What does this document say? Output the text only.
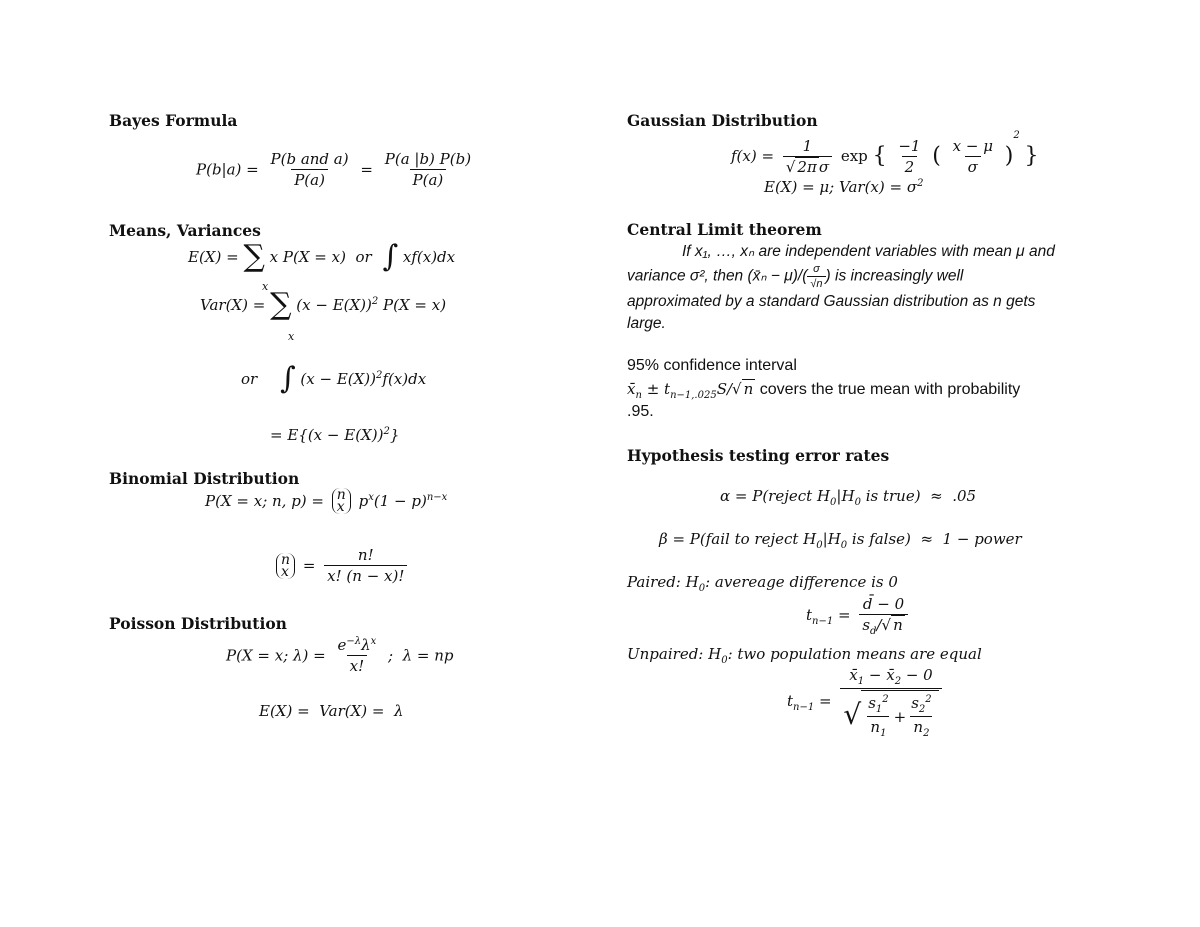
Bayes Formula
$P(b|a) = \frac{\text{P(b and a)}}{P(a)} = \frac{P(a |b) P(b)}{P(a)}$
Means, Variances
E(X) = ∑ x P(X = x)  or ∫ xf(x)dx
x
Var(X) = ∑ $(x - E(X))^2$ P(X = x)
x
or ∫ $(x - E(X))^2f(x)dx$
= $E\{(x - E(X))^2\}$
Binomial Distribution
P(X = x; n, p) = n
x $p^x(1 - p)^{n-x}$
n
$x = \frac{n!}{x! (n - x)!}$
Poisson Distribution
P(X = x; $\lambda) = \frac{e^{-\lambda}\lambda^x}{x!}$ ;  λ = np
E(X) =  Var(X) =  λ
Gaussian Distribution
$f(x) = \frac{1}{\text{√ 2π σ}}$ exp { $\frac{-1}{2}$ ( $\frac{x - \mu}{\sigma} )^2$ }
E(X) = μ; $Var(x) = \sigma^2$
Central Limit theorem
If x₁, …, xₙ are independent variables with mean μ and
variance σ², then (x̄ₙ − $\mu)/( \frac{\sigma}{√n}$ ) is increasingly well
approximated by a standard Gaussian distribution as n gets
large.
95% confidence interval
$x̄_n \pm t_{n-1,.025}S/√$ n covers the true mean with probability
.95.
Hypothesis testing error rates
α = P(reject $H_0|H_0$ is true)  ≈  .05
β = P(fail to reject $H_0|H_0$ is false)  ≈  1 − power
Paired: $H_0$: avereage difference is 0
$t_{n-1} = \frac{d̄ - 0}{s_d/√ n}$
Unpaired: $H_0$: two population means are equal
$t_{n-1} = \frac{x̄_1 - x̄_2 - 0}{√ \frac{s_1^2}{n_1} + \frac{s_2^2}{n_2}}$
